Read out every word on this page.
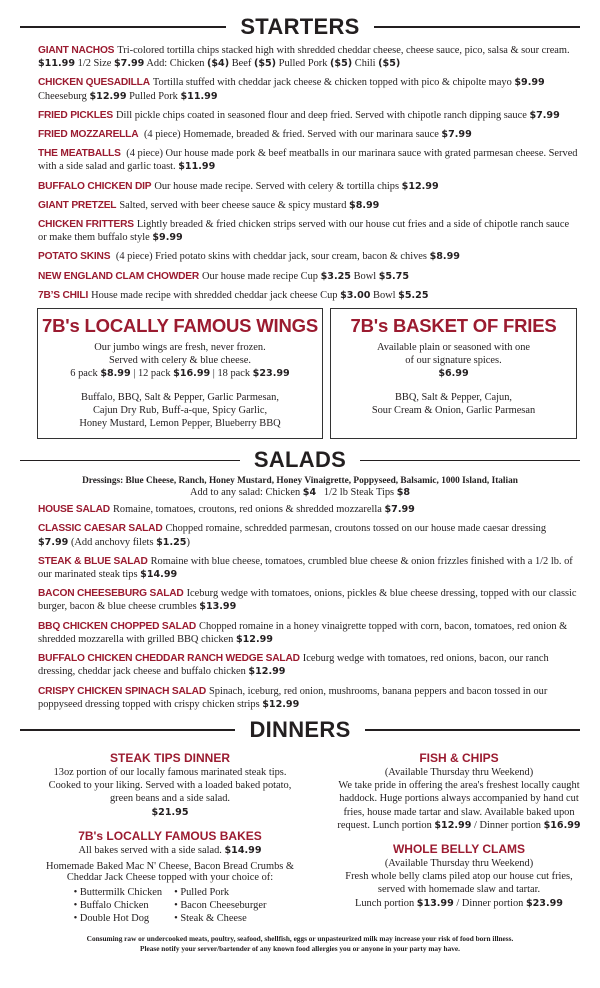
STARTERS
GIANT NACHOS Tri-colored tortilla chips stacked high with shredded cheddar cheese, cheese sauce, pico, salsa & sour cream. $11.99 1/2 Size $7.99 Add: Chicken ($4) Beef ($5) Pulled Pork ($5) Chili ($5)
CHICKEN QUESADILLA Tortilla stuffed with cheddar jack cheese & chicken topped with pico & chipolte mayo $9.99 Cheeseburg $12.99 Pulled Pork $11.99
FRIED PICKLES Dill pickle chips coated in seasoned flour and deep fried. Served with chipotle ranch dipping sauce $7.99
FRIED MOZZARELLA (4 piece) Homemade, breaded & fried. Served with our marinara sauce $7.99
THE MEATBALLS (4 piece) Our house made pork & beef meatballs in our marinara sauce with grated parmesan cheese. Served with a side salad and garlic toast. $11.99
BUFFALO CHICKEN DIP Our house made recipe. Served with celery & tortilla chips $12.99
GIANT PRETZEL Salted, served with beer cheese sauce & spicy mustard $8.99
CHICKEN FRITTERS Lightly breaded & fried chicken strips served with our house cut fries and a side of chipotle ranch sauce or make them buffalo style $9.99
POTATO SKINS (4 piece) Fried potato skins with cheddar jack, sour cream, bacon & chives $8.99
NEW ENGLAND CLAM CHOWDER Our house made recipe Cup $3.25 Bowl $5.75
7B’S CHILI House made recipe with shredded cheddar jack cheese Cup $3.00 Bowl $5.25
7B's LOCALLY FAMOUS WINGS

Our jumbo wings are fresh, never frozen.

Served with celery & blue cheese.

6 pack $8.99 | 12 pack $16.99 | 18 pack $23.99

Buffalo, BBQ, Salt & Pepper, Garlic Parmesan,

Cajun Dry Rub, Buff-a-que, Spicy Garlic,

Honey Mustard, Lemon Pepper, Blueberry BBQ

7B's BASKET OF FRIES

Available plain or seasoned with one

of our signature spices.

$6.99

BBQ, Salt & Pepper, Cajun,

Sour Cream & Onion, Garlic Parmesan

SALADS
Dressings: Blue Cheese, Ranch, Honey Mustard, Honey Vinaigrette, Poppyseed, Balsamic, 1000 Island, Italian
Add to any salad: Chicken $4   1/2 lb Steak Tips $8
HOUSE SALAD Romaine, tomatoes, croutons, red onions & shredded mozzarella $7.99
CLASSIC CAESAR SALAD Chopped romaine, schredded parmesan, croutons tossed on our house made caesar dressing $7.99 (Add anchovy filets $1.25)
STEAK & BLUE SALAD Romaine with blue cheese, tomatoes, crumbled blue cheese & onion frizzles finished with a 1/2 lb. of our marinated steak tips $14.99
BACON CHEESEBURG SALAD Iceburg wedge with tomatoes, onions, pickles & blue cheese dressing, topped with our classic burger, bacon & blue cheese crumbles $13.99
BBQ CHICKEN CHOPPED SALAD Chopped romaine in a honey vinaigrette topped with corn, bacon, tomatoes, red onion & shredded mozzarella with grilled BBQ chicken $12.99
BUFFALO CHICKEN CHEDDAR RANCH WEDGE SALAD Iceburg wedge with tomatoes, red onions, bacon, our ranch dressing, cheddar jack cheese and buffalo chicken $12.99
CRISPY CHICKEN SPINACH SALAD Spinach, iceburg, red onion, mushrooms, banana peppers and bacon tossed in our poppyseed dressing topped with crispy chicken strips $12.99
DINNERS
STEAK TIPS DINNER

13oz portion of our locally famous marinated steak tips.

Cooked to your liking. Served with a loaded baked potato,

green beans and a side salad.

$21.95

7B's LOCALLY FAMOUS BAKES

All bakes served with a side salad. $14.99

Homemade Baked Mac N' Cheese, Bacon Bread Crumbs &

Cheddar Jack Cheese topped with your choice of:

• Buttermilk Chicken
• Buffalo Chicken
• Double Hot Dog
• Pulled Pork
• Bacon Cheeseburger
• Steak & Cheese
FISH & CHIPS

(Available Thursday thru Weekend)

We take pride in offering the area's freshest locally caught haddock. Huge portions always accompanied by hand cut fries, house made tartar and slaw. Available baked upon request. Lunch portion $12.99 / Dinner portion $16.99

WHOLE BELLY CLAMS

(Available Thursday thru Weekend)

Fresh whole belly clams piled atop our house cut fries,

served with homemade slaw and tartar.

Lunch portion $13.99 / Dinner portion $23.99

Consuming raw or undercooked meats, poultry, seafood, shellfish, eggs or unpasteurized milk may increase your risk of food born illness.
Please notify your server/bartender of any known food allergies you or anyone in your party may have.
